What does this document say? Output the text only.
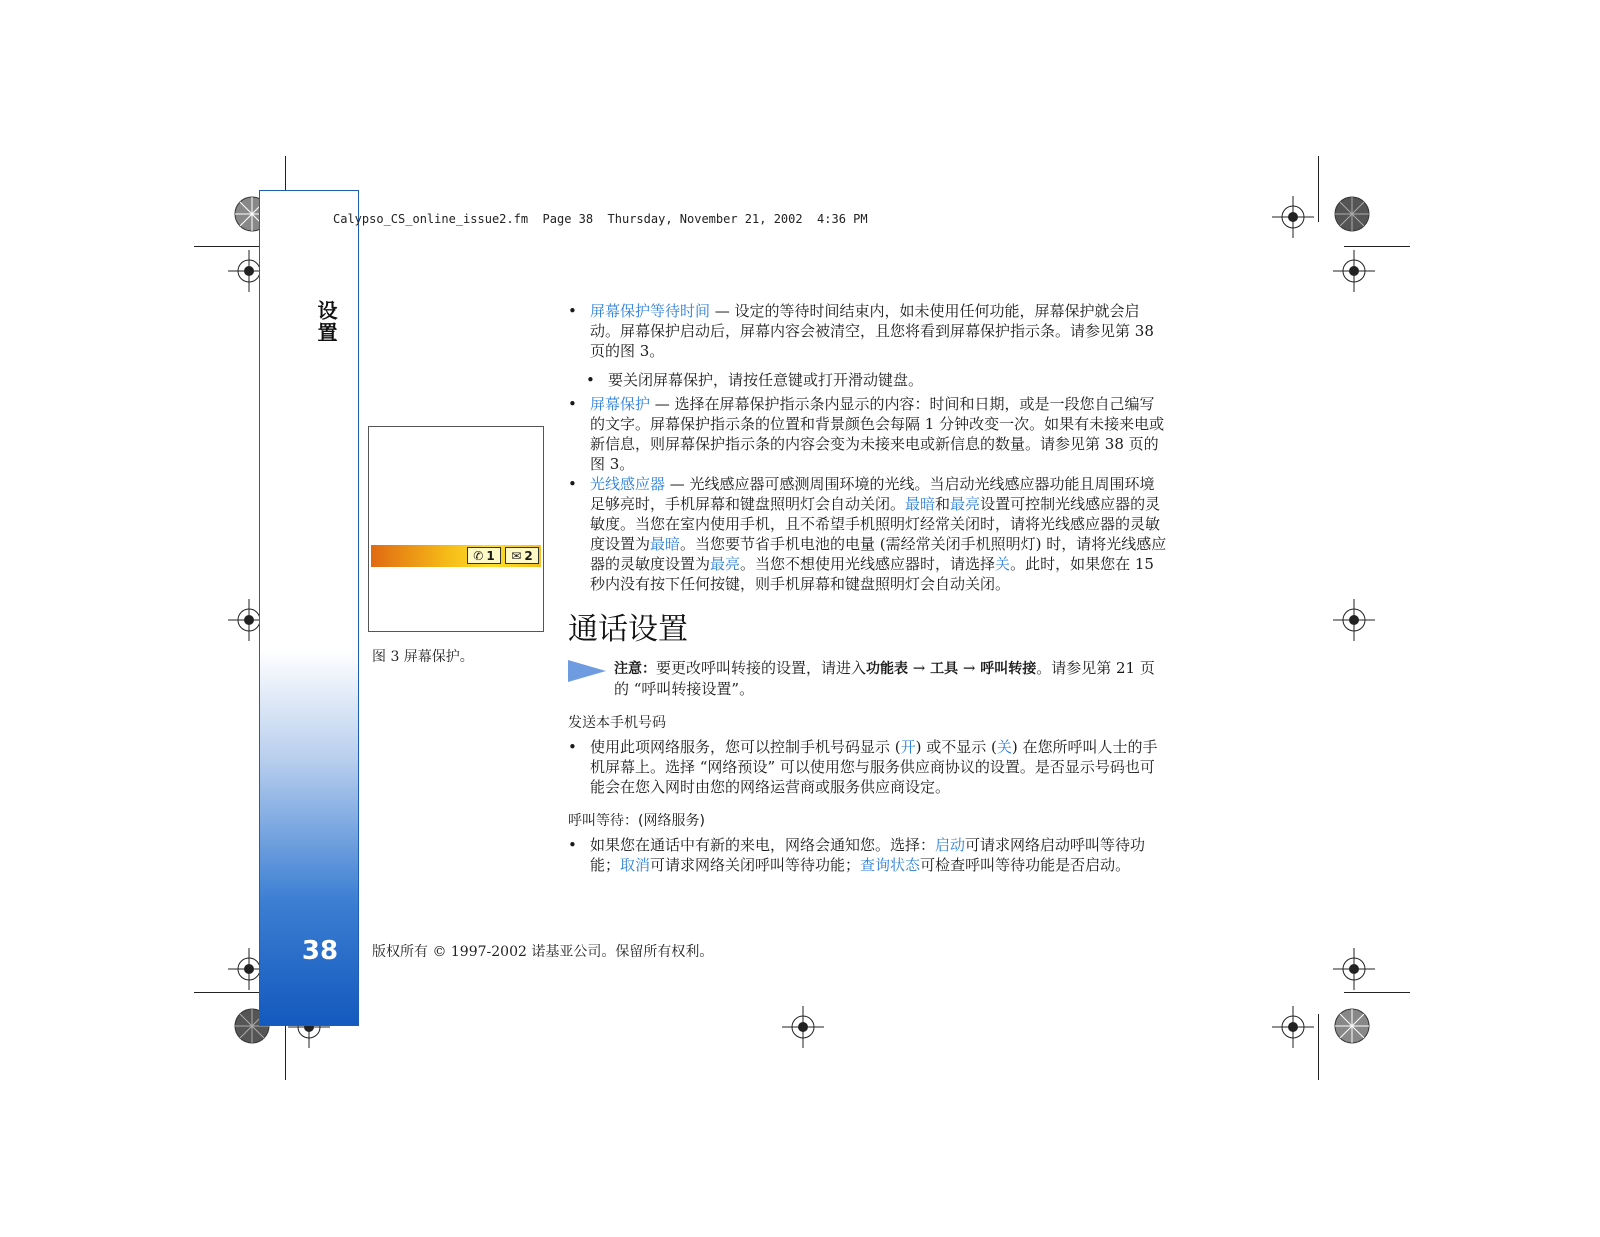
设置
38
Calypso_CS_online_issue2.fm  Page 38  Thursday, November 21, 2002  4:36 PM
✆ 1 ✉ 2
图 3 屏幕保护。

• 屏幕保护等待时间 — 设定的等待时间结束内，如未使用任何功能，屏幕保护就会启动。屏幕保护启动后，屏幕内容会被清空，且您将看到屏幕保护指示条。请参见第 38 页的图 3。

• 要关闭屏幕保护，请按任意键或打开滑动键盘。

• 屏幕保护 — 选择在屏幕保护指示条内显示的内容：时间和日期，或是一段您自己编写的文字。屏幕保护指示条的位置和背景颜色会每隔 1 分钟改变一次。如果有未接来电或新信息，则屏幕保护指示条的内容会变为未接来电或新信息的数量。请参见第 38 页的图 3。

• 光线感应器 — 光线感应器可感测周围环境的光线。当启动光线感应器功能且周围环境足够亮时，手机屏幕和键盘照明灯会自动关闭。最暗和最亮设置可控制光线感应器的灵敏度。当您在室内使用手机，且不希望手机照明灯经常关闭时，请将光线感应器的灵敏度设置为最暗。当您要节省手机电池的电量 (需经常关闭手机照明灯) 时，请将光线感应器的灵敏度设置为最亮。当您不想使用光线感应器时，请选择关。此时，如果您在 15 秒内没有按下任何按键，则手机屏幕和键盘照明灯会自动关闭。

通话设置
注意：要更改呼叫转接的设置，请进入功能表 → 工具 → 呼叫转接。请参见第 21 页的 “呼叫转接设置”。

发送本手机号码

• 使用此项网络服务，您可以控制手机号码显示 (开) 或不显示 (关) 在您所呼叫人士的手机屏幕上。选择 “网络预设” 可以使用您与服务供应商协议的设置。是否显示号码也可能会在您入网时由您的网络运营商或服务供应商设定。

呼叫等待：(网络服务)

• 如果您在通话中有新的来电，网络会通知您。选择：启动可请求网络启动呼叫等待功能；取消可请求网络关闭呼叫等待功能；查询状态可检查呼叫等待功能是否启动。

版权所有 © 1997-2002 诺基亚公司。保留所有权利。
